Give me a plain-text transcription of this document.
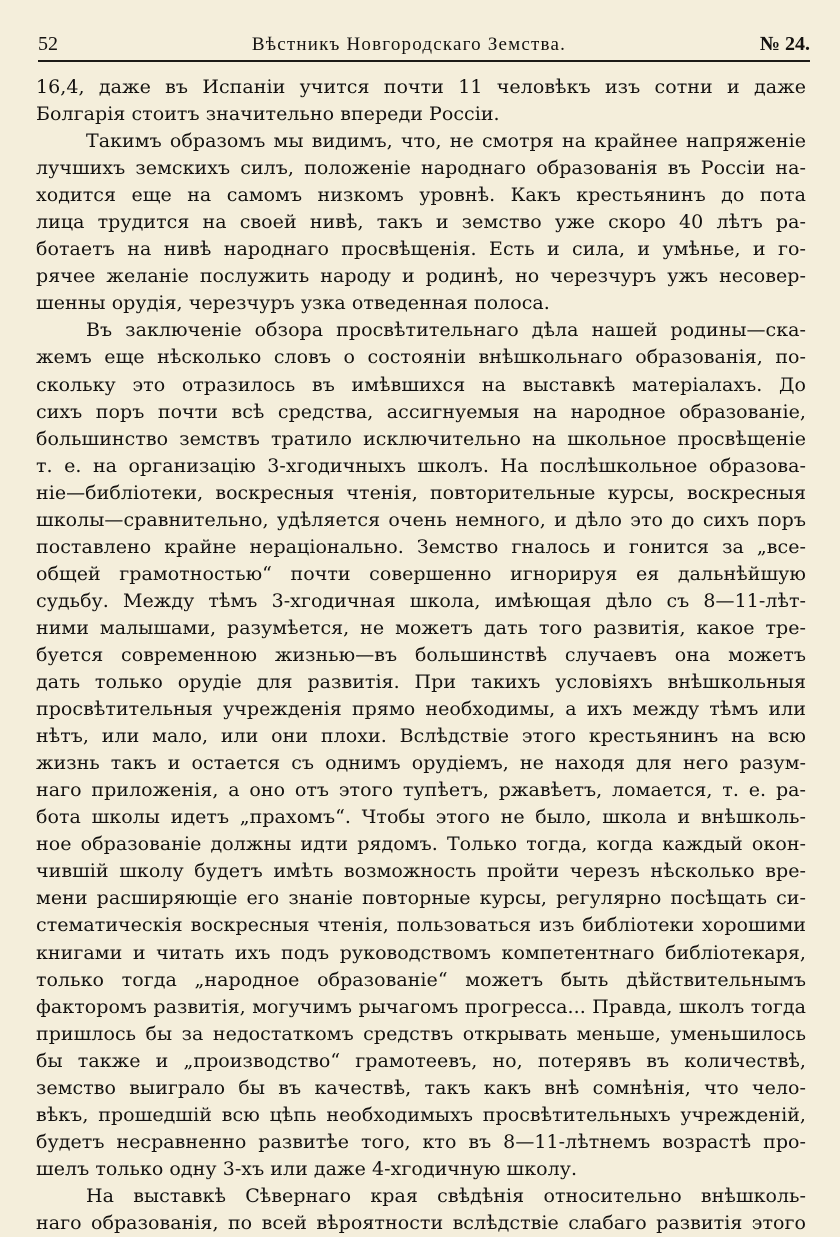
52	Вѣстникъ Новгородскаго Земства.	№ 24.
16,4, даже въ Испаніи учится почти 11 человѣкъ изъ сотни и даже
Болгарія стоитъ значительно впереди Россіи.
Такимъ образомъ мы видимъ, что, не смотря на крайнее напряженіе
лучшихъ земскихъ силъ, положеніе народнаго образованія въ Россіи на-
ходится еще на самомъ низкомъ уровнѣ. Какъ крестьянинъ до пота
лица трудится на своей нивѣ, такъ и земство уже скоро 40 лѣтъ ра-
ботаетъ на нивѣ народнаго просвѣщенія. Есть и сила, и умѣнье, и го-
рячее желаніе послужить народу и родинѣ, но черезчуръ ужъ несовер-
шенны орудія, черезчуръ узка отведенная полоса.
Въ заключеніе обзора просвѣтительнаго дѣла нашей родины—ска-
жемъ еще нѣсколько словъ о состояніи внѣшкольнаго образованія, по-
скольку это отразилось въ имѣвшихся на выставкѣ матеріалахъ. До
сихъ поръ почти всѣ средства, ассигнуемыя на народное образованіе,
большинство земствъ тратило исключительно на школьное просвѣщеніе
т. е. на организацію 3-хгодичныхъ школъ. На послѣшкольное образова-
ніе—библіотеки, воскресныя чтенія, повторительные курсы, воскресныя
школы—сравнительно, удѣляется очень немного, и дѣло это до сихъ поръ
поставлено крайне нераціонально. Земство гналось и гонится за „все-
общей грамотностью“ почти совершенно игнорируя ея дальнѣйшую
судьбу. Между тѣмъ 3-хгодичная школа, имѣющая дѣло съ 8—11-лѣт-
ними малышами, разумѣется, не можетъ дать того развитія, какое тре-
буется современною жизнью—въ большинствѣ случаевъ она можетъ
дать только орудіе для развитія. При такихъ условіяхъ внѣшкольныя
просвѣтительныя учрежденія прямо необходимы, а ихъ между тѣмъ или
нѣтъ, или мало, или они плохи. Вслѣдствіе этого крестьянинъ на всю
жизнь такъ и остается съ однимъ орудіемъ, не находя для него разум-
наго приложенія, а оно отъ этого тупѣетъ, ржавѣетъ, ломается, т. е. ра-
бота школы идетъ „прахомъ“. Чтобы этого не было, школа и внѣшколь-
ное образованіе должны идти рядомъ. Только тогда, когда каждый окон-
чившій школу будетъ имѣть возможность пройти черезъ нѣсколько вре-
мени расширяющіе его знаніе повторные курсы, регулярно посѣщать си-
стематическія воскресныя чтенія, пользоваться изъ библіотеки хорошими
книгами и читать ихъ подъ руководствомъ компетентнаго библіотекаря,
только тогда „народное образованіе“ можетъ быть дѣйствительнымъ
факторомъ развитія, могучимъ рычагомъ прогресса... Правда, школъ тогда
пришлось бы за недостаткомъ средствъ открывать меньше, уменьшилось
бы также и „производство“ грамотеевъ, но, потерявъ въ количествѣ,
земство выиграло бы въ качествѣ, такъ какъ внѣ сомнѣнія, что чело-
вѣкъ, прошедшій всю цѣпь необходимыхъ просвѣтительныхъ учрежденій,
будетъ несравненно развитѣе того, кто въ 8—11-лѣтнемъ возрастѣ про-
шелъ только одну 3-хъ или даже 4-хгодичную школу.
На выставкѣ Сѣвернаго края свѣдѣнія относительно внѣшколь-
наго образованія, по всей вѣроятности вслѣдствіе слабаго развитія этого
